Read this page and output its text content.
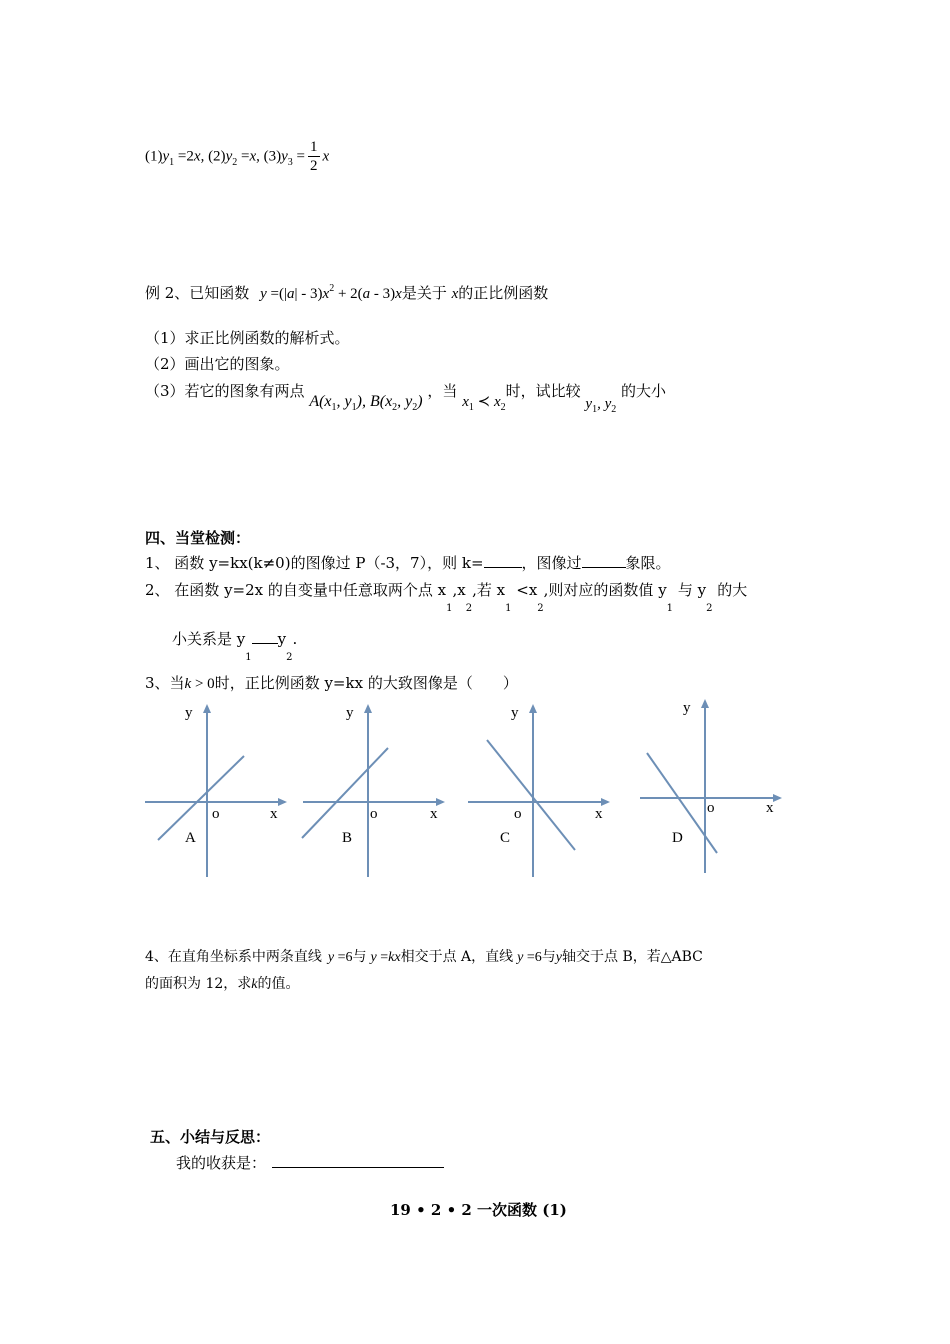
$(1)y_1 =2x$, $(2)y_2 =x$, $(3)y_3 = \frac{1}{2}$ x
例 2、已知函数 $y =(|a| - 3)x^2 + 2(a - 3)x$是关于 x的正比例函数
（1）求正比例函数的解析式。
（2）画出它的图象。
（3）若它的图象有两点 $A(x_1$, $y_1$), $B(x_2$, $y_2$) ，当 $x_1$ ≺ $x_2$时，试比较 $y_1$, $y_2$ 的大小
四、当堂检测：
1、 函数 y=kx(k≠0)的图像过 P（-3，7），则 k=	，图像过	象限。
2、 在函数 y=2x 的自变量中任意取两个点 $x_1,x_2$,若 $x_1 <x_2$,则对应的函数值 $y_1$ 与 $y_2$ 的大
小关系是 $y_1y_2$.
3、当k > 0时，正比例函数 y=kx 的大致图像是（　　）
y
o	x
A
y
o	x
B
y
o	x
C
y
o	x
D
4、在直角坐标系中两条直线 y =6与 y =kx相交于点 A，直线 y =6与y轴交于点 B，若△ABC
的面积为 12，求k的值。
五、小结与反思：
我的收获是：
19 • 2 • 2 一次函数 (1)
